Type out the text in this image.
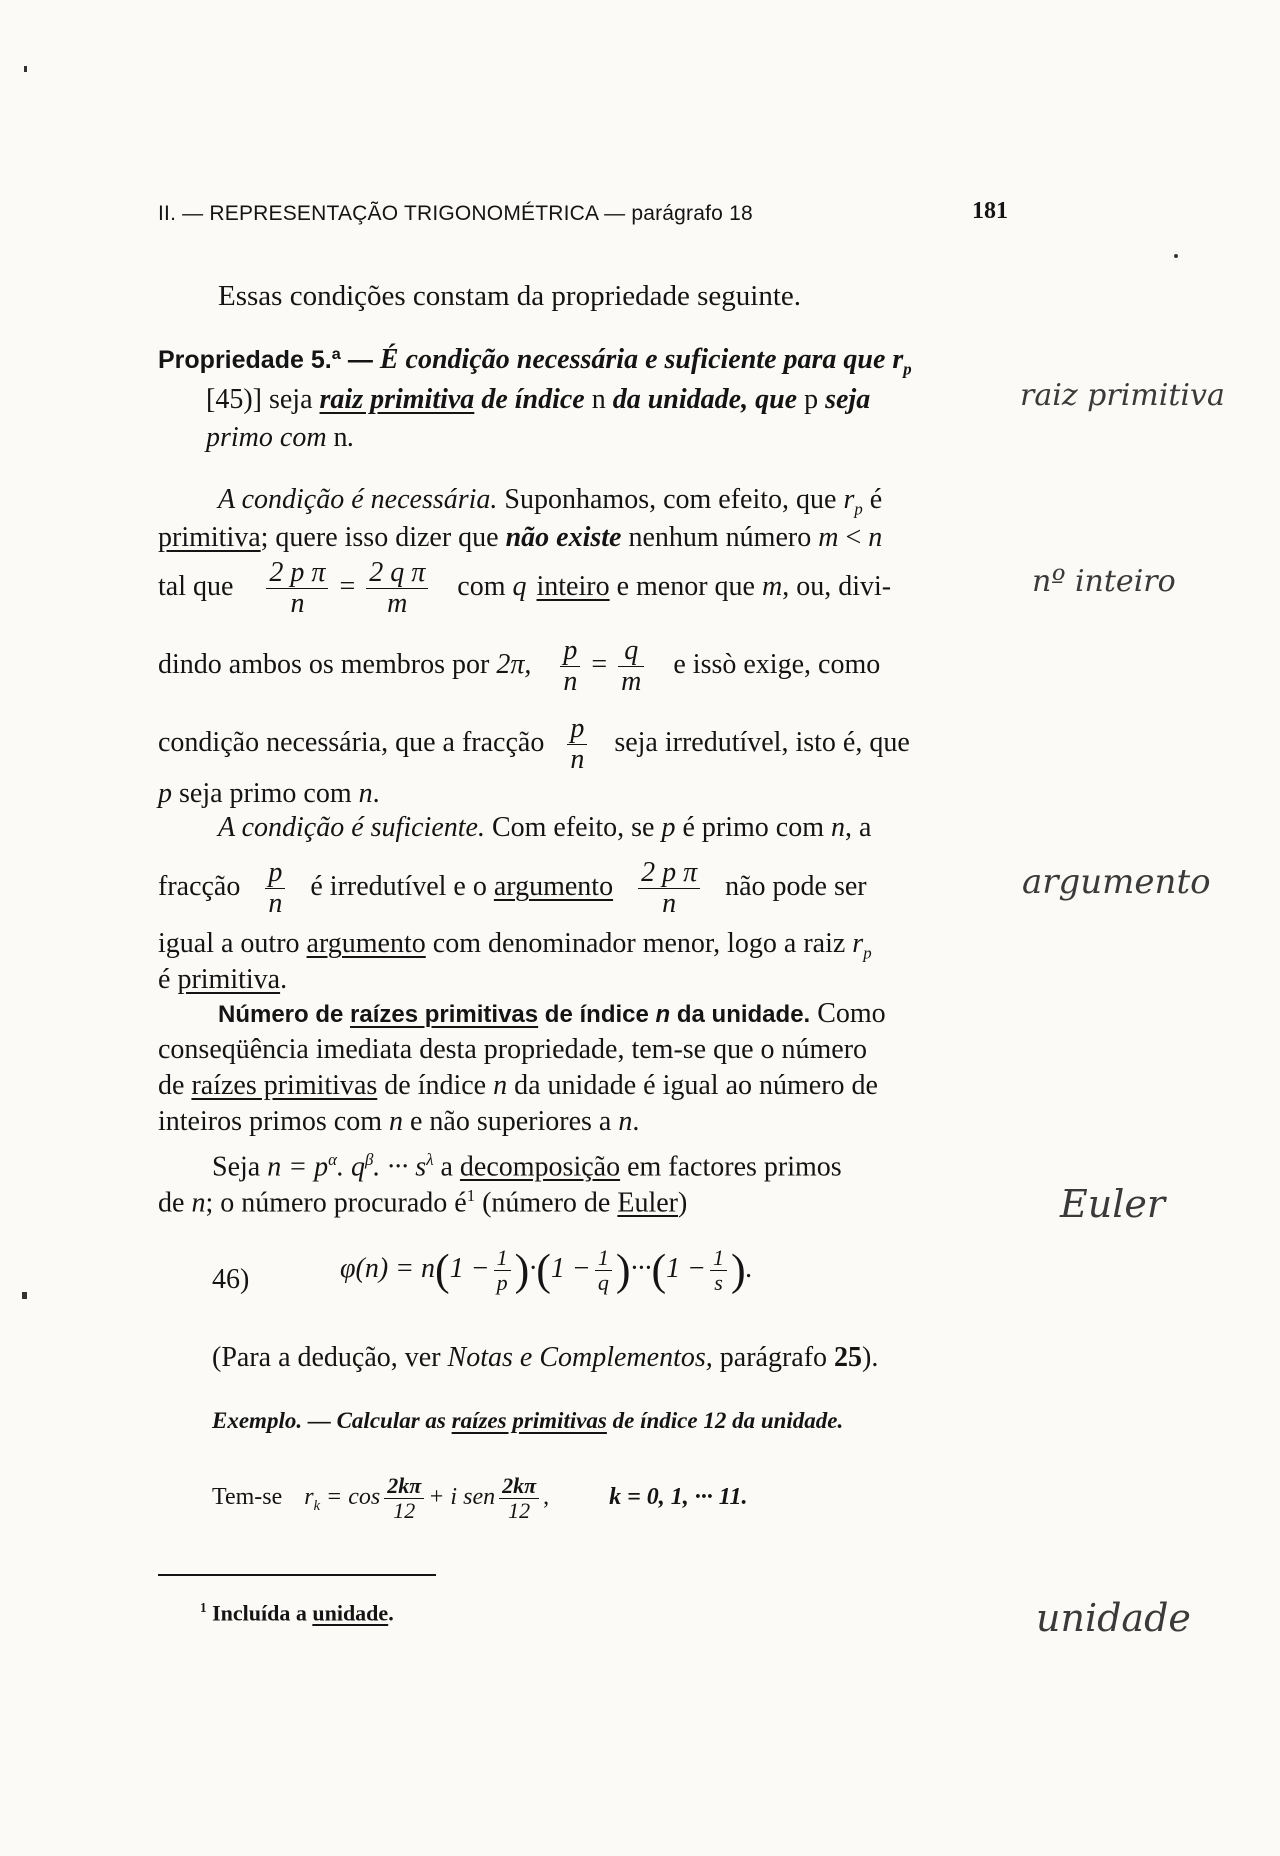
II. — REPRESENTAÇÃO TRIGONOMÉTRICA — parágrafo 18	181
Essas condições constam da propriedade seguinte.
Propriedade 5.ª — É condição necessária e suficiente para que $r_p$
[45)] seja raiz primitiva de índice n da unidade, que p seja
primo com n.
A condição é necessária. Suponhamos, com efeito, que $r_p$ é
primitiva; quere isso dizer que não existe nenhum número m < n
tal que $\frac{\text{2 p π}}{n} = \frac{\text{2 q π}}{m}$ com q inteiro e menor que m, ou, divi-
dindo ambos os membros por 2π, $\frac{p}{n} = \frac{q}{m}$ e issò exige, como
condição necessária, que a fracção $\frac{p}{n}$ seja irredutível, isto é, que
p seja primo com n.
A condição é suficiente. Com efeito, se p é primo com n, a
fracção $\frac{p}{n}$ é irredutível e o argumento $\frac{\text{2 p π}}{n}$ não pode ser
igual a outro argumento com denominador menor, logo a raiz $r_p$
é primitiva.
Número de raízes primitivas de índice n da unidade. Como
conseqüência imediata desta propriedade, tem-se que o número
de raízes primitivas de índice n da unidade é igual ao número de
inteiros primos com n e não superiores a n.
Seja $n = p^\alpha$. $q^\beta$. ··· $s^\lambda$ a decomposição em factores primos
de n; o número procurado $é^1$ (número de Euler)
46)	$\varphi(n) = n(1 - \frac{1}{p} )\cdot(1 - \frac{1}{q} )\cdot\cdot\cdot(1 - \frac{1}{s}$ ).
(Para a dedução, ver Notas e Complementos, parágrafo 25).
Exemplo. — Calcular as raízes primitivas de índice 12 da unidade.
Tem-se $r_k = \cos \frac{2k\pi}{12} + i$ sen $\frac{2k\pi}{12}$ ,	k = 0, 1, ··· 11.
$^1$ Incluída a unidade.
raiz primitiva
nº inteiro
argumento
Euler
unidade
